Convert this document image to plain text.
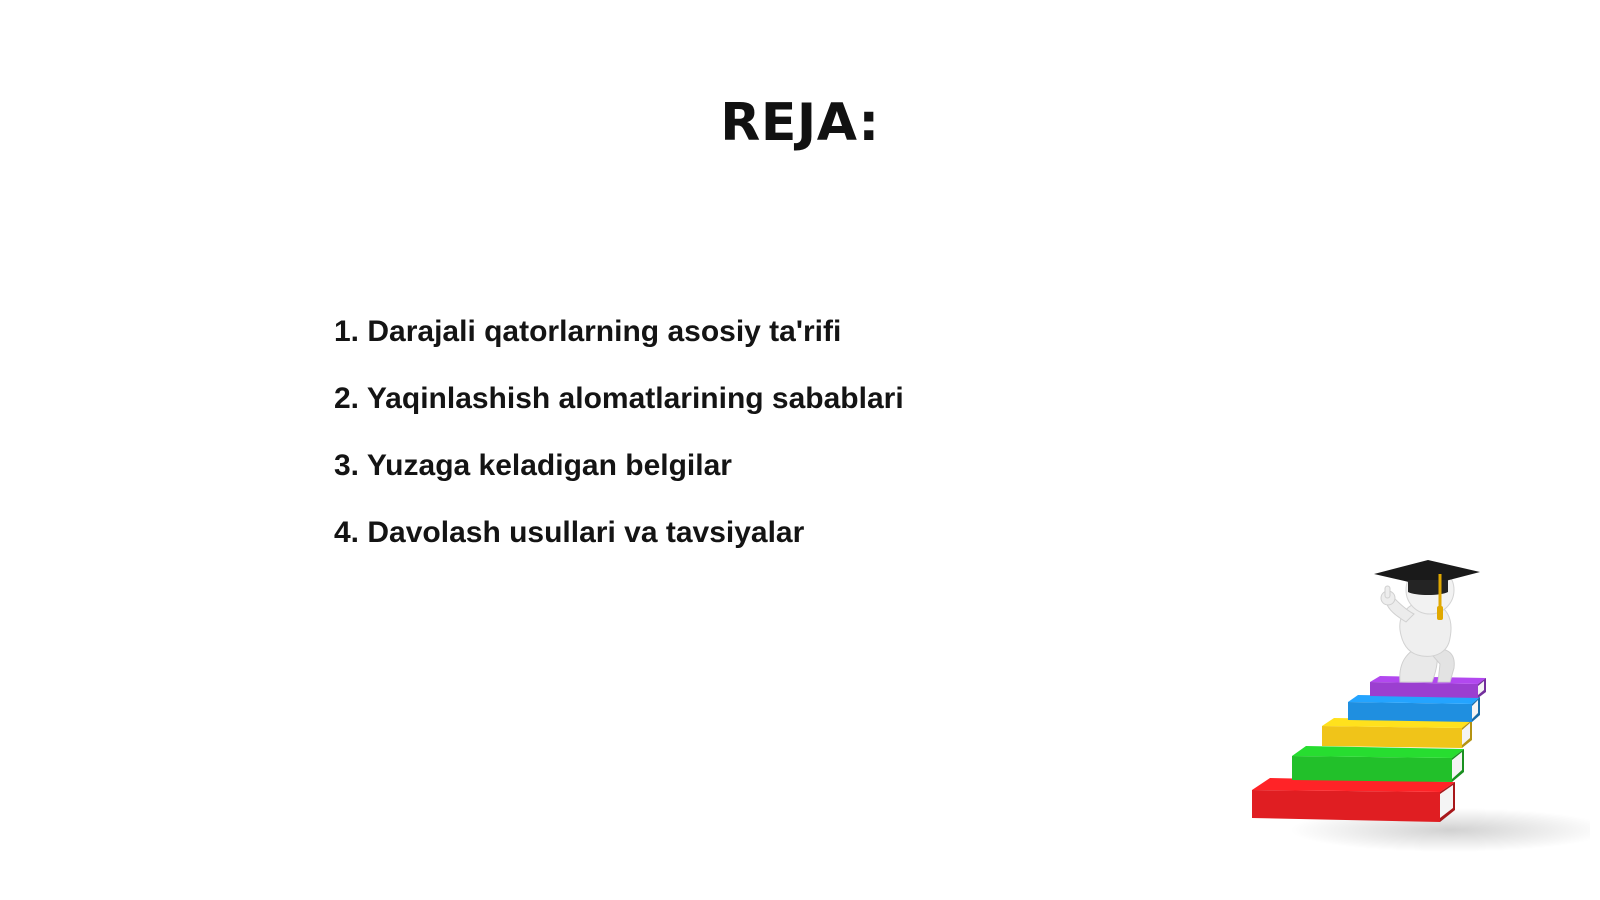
REJA:
1. Darajali qatorlarning asosiy ta'rifi
2. Yaqinlashish alomatlarining sabablari
3. Yuzaga keladigan belgilar
4. Davolash usullari va tavsiyalar
